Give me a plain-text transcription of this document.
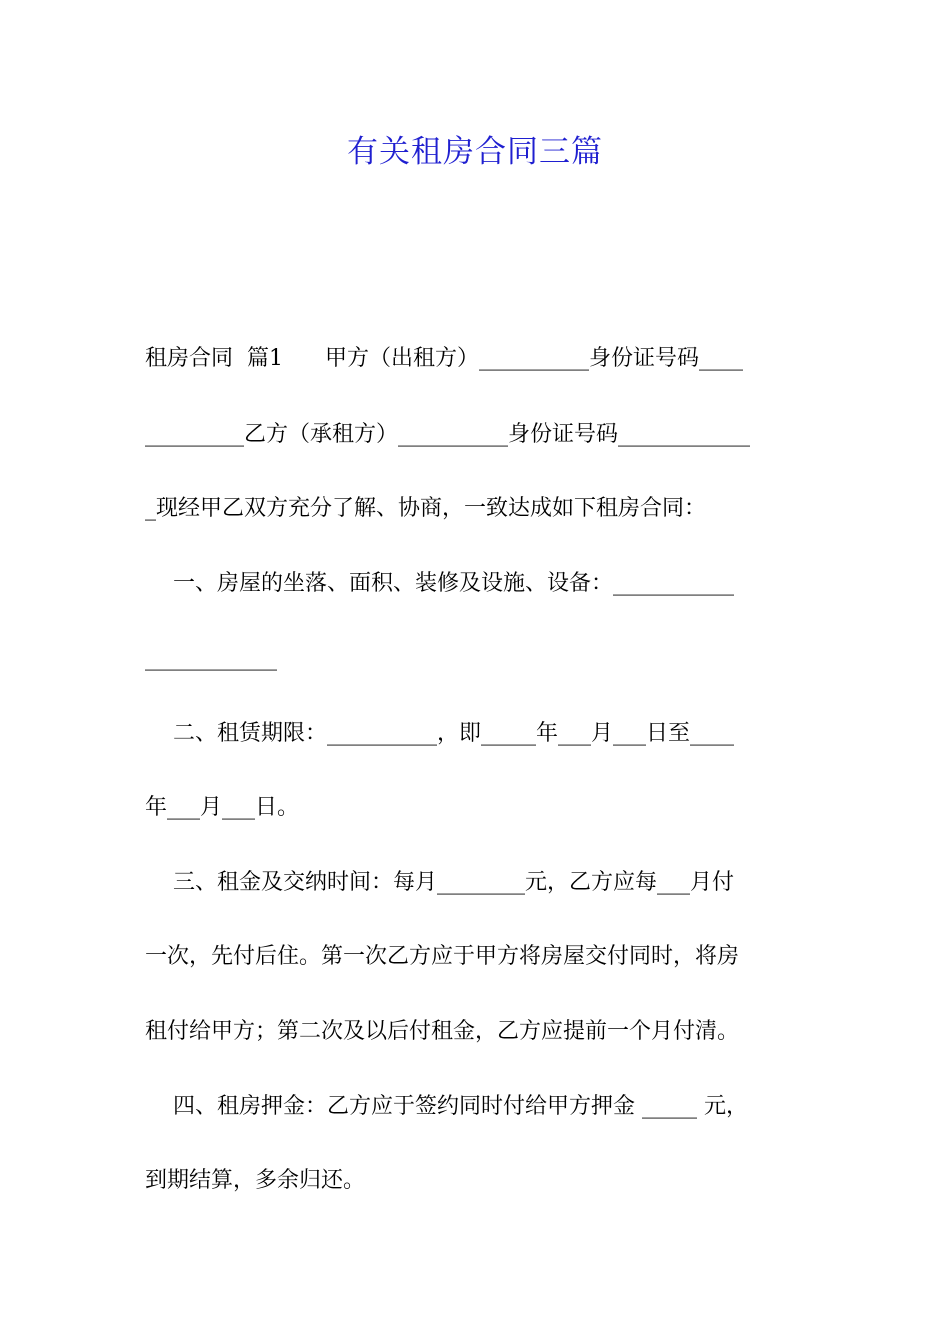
有关租房合同三篇
租房合同  篇1      甲方（出租方）__________身份证号码____
_________乙方（承租方）__________身份证号码____________
_现经甲乙双方充分了解、协商，一致达成如下租房合同：
一、房屋的坐落、面积、装修及设施、设备：___________
____________
二、租赁期限：__________，即_____年___月___日至____
年___月___日。
三、租金及交纳时间：每月________元，乙方应每___月付
一次，先付后住。第一次乙方应于甲方将房屋交付同时，将房
租付给甲方；第二次及以后付租金，乙方应提前一个月付清。
四、租房押金：乙方应于签约同时付给甲方押金 _____ 元，
到期结算，多余归还。
